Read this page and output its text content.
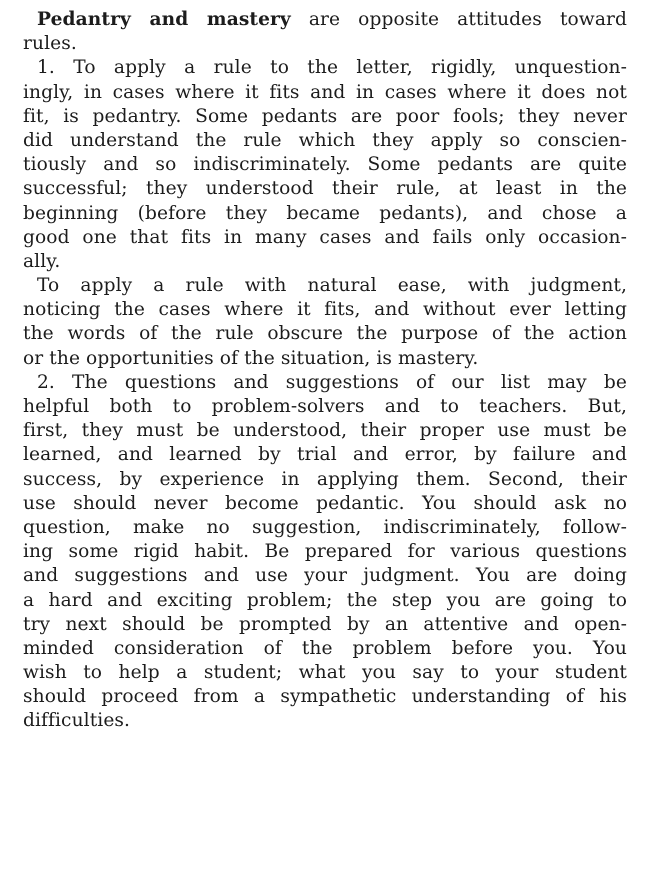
Pedantry and mastery are opposite attitudes toward
rules.
1. To apply a rule to the letter, rigidly, unquestion-
ingly, in cases where it fits and in cases where it does not
fit, is pedantry. Some pedants are poor fools; they never
did understand the rule which they apply so conscien-
tiously and so indiscriminately. Some pedants are quite
successful; they understood their rule, at least in the
beginning (before they became pedants), and chose a
good one that fits in many cases and fails only occasion-
ally.
To apply a rule with natural ease, with judgment,
noticing the cases where it fits, and without ever letting
the words of the rule obscure the purpose of the action
or the opportunities of the situation, is mastery.
2. The questions and suggestions of our list may be
helpful both to problem-solvers and to teachers. But,
first, they must be understood, their proper use must be
learned, and learned by trial and error, by failure and
success, by experience in applying them. Second, their
use should never become pedantic. You should ask no
question, make no suggestion, indiscriminately, follow-
ing some rigid habit. Be prepared for various questions
and suggestions and use your judgment. You are doing
a hard and exciting problem; the step you are going to
try next should be prompted by an attentive and open-
minded consideration of the problem before you. You
wish to help a student; what you say to your student
should proceed from a sympathetic understanding of his
difficulties.
